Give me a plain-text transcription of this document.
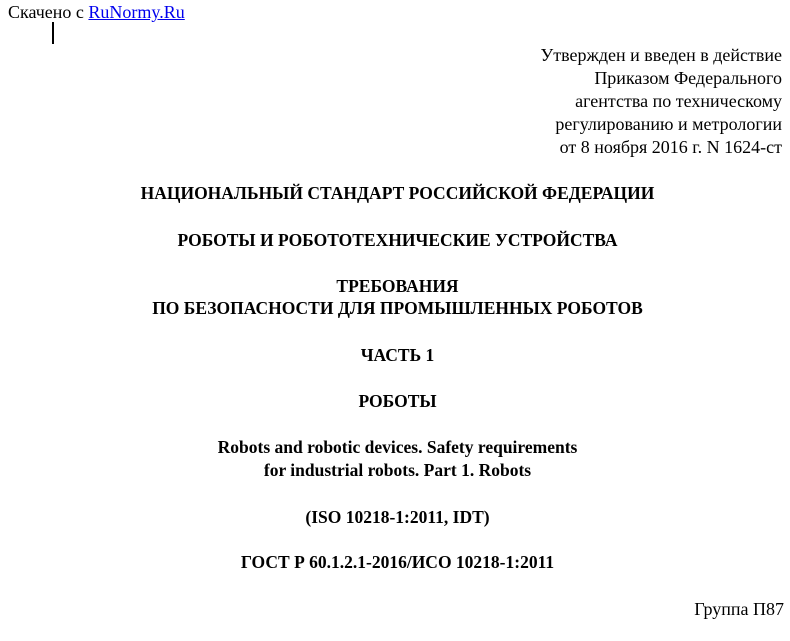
Скачено с RuNormy.Ru
Утвержден и введен в действие
Приказом Федерального
агентства по техническому
регулированию и метрологии
от 8 ноября 2016 г. N 1624-ст
НАЦИОНАЛЬНЫЙ СТАНДАРТ РОССИЙСКОЙ ФЕДЕРАЦИИ
РОБОТЫ И РОБОТОТЕХНИЧЕСКИЕ УСТРОЙСТВА
ТРЕБОВАНИЯ
ПО БЕЗОПАСНОСТИ ДЛЯ ПРОМЫШЛЕННЫХ РОБОТОВ
ЧАСТЬ 1
РОБОТЫ
Robots and robotic devices. Safety requirements
for industrial robots. Part 1. Robots
(ISO 10218-1:2011, IDT)
ГОСТ Р 60.1.2.1-2016/ИСО 10218-1:2011
Группа П87
